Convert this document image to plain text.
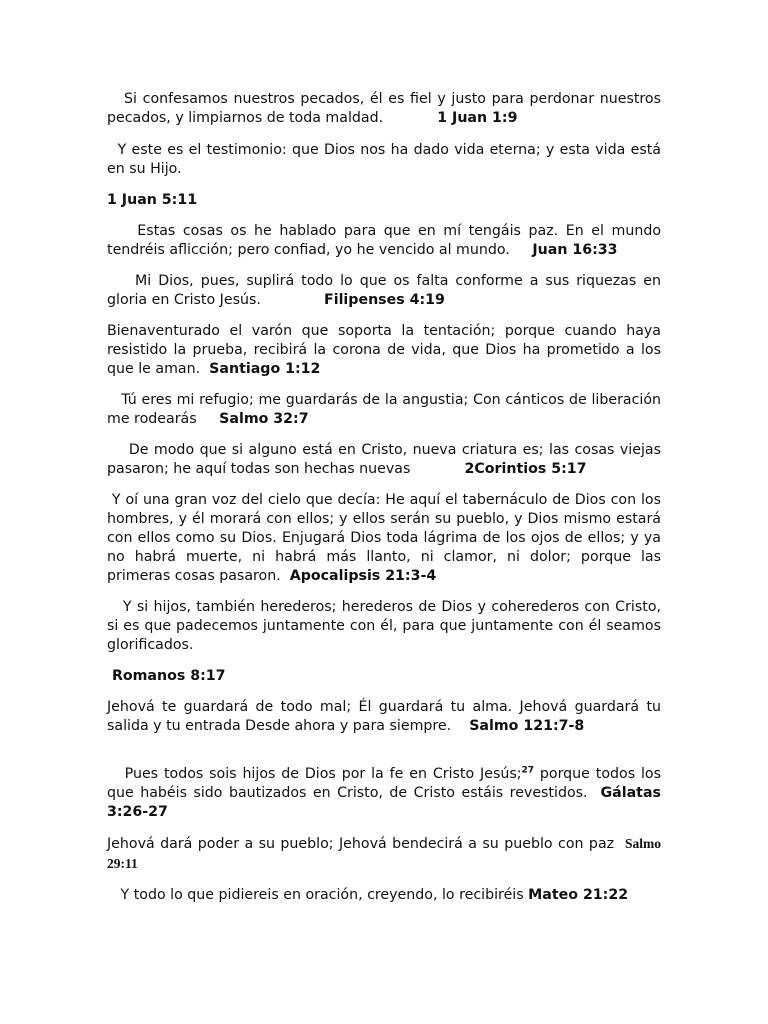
Si confesamos nuestros pecados, él es fiel y justo para perdonar nuestros pecados, y limpiarnos de toda maldad.	1 Juan 1:9

Y este es el testimonio: que Dios nos ha dado vida eterna; y esta vida está en su Hijo.

1 Juan 5:11

Estas cosas os he hablado para que en mí tengáis paz. En el mundo tendréis aflicción; pero confiad, yo he vencido al mundo. Juan 16:33

Mi Dios, pues, suplirá todo lo que os falta conforme a sus riquezas en gloria en Cristo Jesús.	Filipenses 4:19

Bienaventurado el varón que soporta la tentación; porque cuando haya resistido la prueba, recibirá la corona de vida, que Dios ha prometido a los que le aman. Santiago 1:12

Tú eres mi refugio; me guardarás de la angustia; Con cánticos de liberación me rodearás Salmo 32:7

De modo que si alguno está en Cristo, nueva criatura es; las cosas viejas pasaron; he aquí todas son hechas nuevas	2Corintios 5:17

Y oí una gran voz del cielo que decía: He aquí el tabernáculo de Dios con los hombres, y él morará con ellos; y ellos serán su pueblo, y Dios mismo estará con ellos como su Dios. Enjugará Dios toda lágrima de los ojos de ellos; y ya no habrá muerte, ni habrá más llanto, ni clamor, ni dolor; porque las primeras cosas pasaron. Apocalipsis 21:3-4

Y si hijos, también herederos; herederos de Dios y coherederos con Cristo, si es que padecemos juntamente con él, para que juntamente con él seamos glorificados.

Romanos 8:17

Jehová te guardará de todo mal; Él guardará tu alma. Jehová guardará tu salida y tu entrada Desde ahora y para siempre. Salmo 121:7-8

Pues todos sois hijos de Dios por la fe en Cristo Jesús;$^{27}$ porque todos los que habéis sido bautizados en Cristo, de Cristo estáis revestidos. Gálatas 3:26-27

Jehová dará poder a su pueblo; Jehová bendecirá a su pueblo con paz Salmo 29:11

Y todo lo que pidiereis en oración, creyendo, lo recibiréis Mateo 21:22
